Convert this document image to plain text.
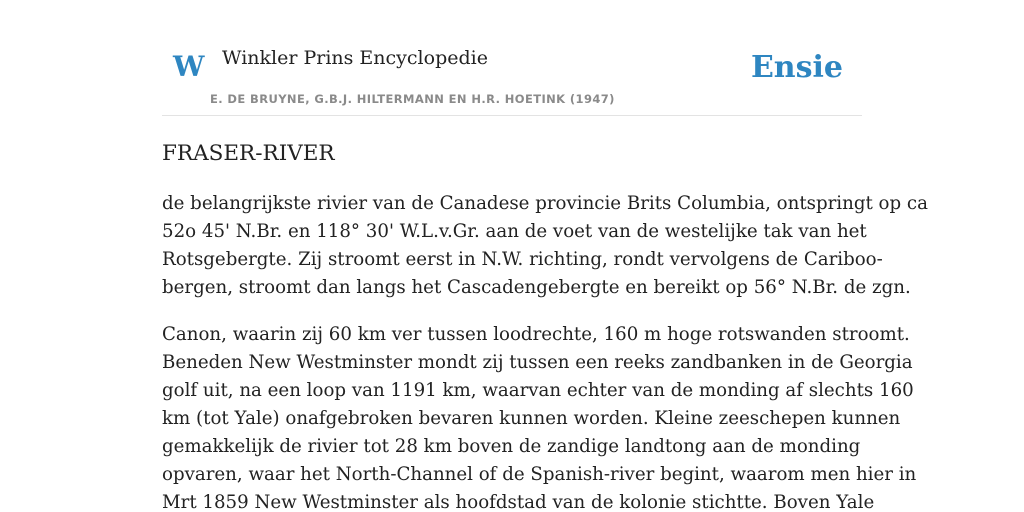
W Winkler Prins Encyclopedie
E. DE BRUYNE, G.B.J. HILTERMANN EN H.R. HOETINK (1947)
Ensie
FRASER-RIVER

de belangrijkste rivier van de Canadese provincie Brits Columbia, ontspringt op ca
52o 45' N.Br. en 118° 30' W.L.v.Gr. aan de voet van de westelijke tak van het
Rotsgebergte. Zij stroomt eerst in N.W. richting, rondt vervolgens de Cariboo-
bergen, stroomt dan langs het Cascadengebergte en bereikt op 56° N.Br. de zgn.

Canon, waarin zij 60 km ver tussen loodrechte, 160 m hoge rotswanden stroomt.
Beneden New Westminster mondt zij tussen een reeks zandbanken in de Georgia
golf uit, na een loop van 1191 km, waarvan echter van de monding af slechts 160
km (tot Yale) onafgebroken bevaren kunnen worden. Kleine zeeschepen kunnen
gemakkelijk de rivier tot 28 km boven de zandige landtong aan de monding
opvaren, waar het North-Channel of de Spanish-river begint, waarom men hier in
Mrt 1859 New Westminster als hoofdstad van de kolonie stichtte. Boven Yale
